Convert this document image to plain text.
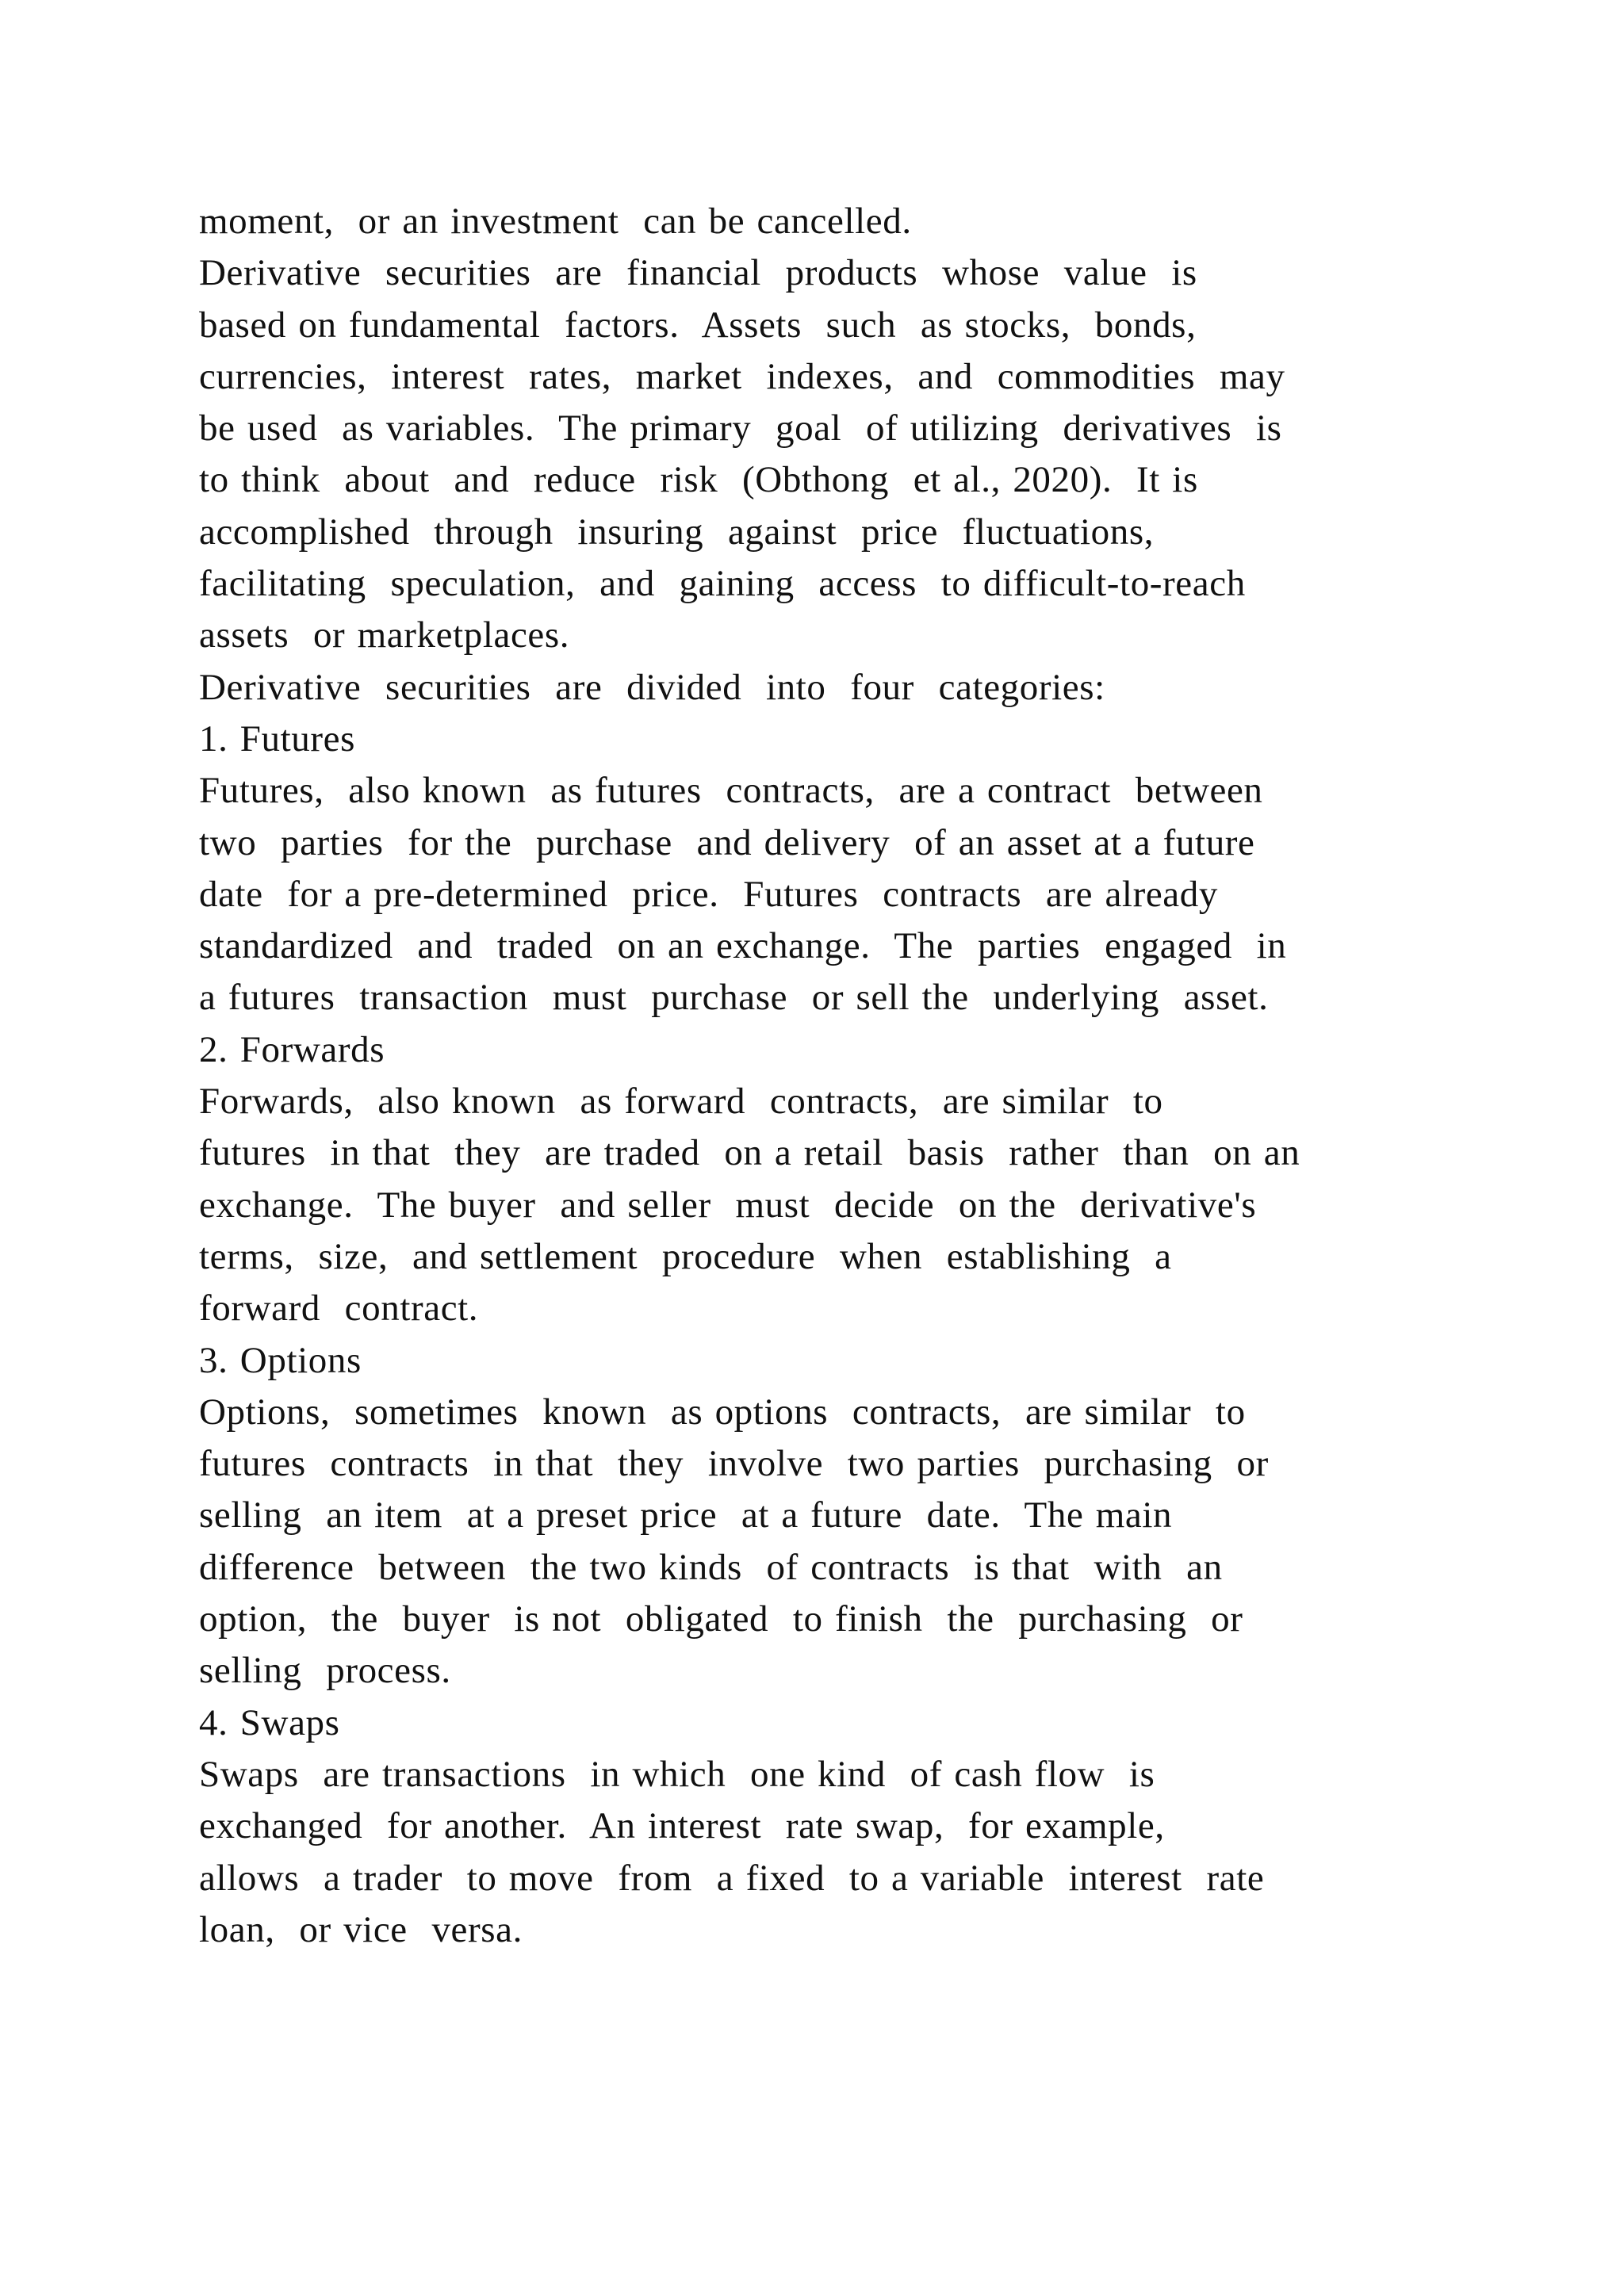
moment,  or an investment  can be cancelled.
Derivative  securities  are  financial  products  whose  value  is
based on fundamental  factors.  Assets  such  as stocks,  bonds,
currencies,  interest  rates,  market  indexes,  and  commodities  may
be used  as variables.  The primary  goal  of utilizing  derivatives  is
to think  about  and  reduce  risk  (Obthong  et al., 2020).  It is
accomplished  through  insuring  against  price  fluctuations,
facilitating  speculation,  and  gaining  access  to difficult-to-reach
assets  or marketplaces.
Derivative  securities  are  divided  into  four  categories:
1. Futures
Futures,  also known  as futures  contracts,  are a contract  between
two  parties  for the  purchase  and delivery  of an asset at a future
date  for a pre-determined  price.  Futures  contracts  are already
standardized  and  traded  on an exchange.  The  parties  engaged  in
a futures  transaction  must  purchase  or sell the  underlying  asset.
2. Forwards
Forwards,  also known  as forward  contracts,  are similar  to
futures  in that  they  are traded  on a retail  basis  rather  than  on an
exchange.  The buyer  and seller  must  decide  on the  derivative's
terms,  size,  and settlement  procedure  when  establishing  a
forward  contract.
3. Options
Options,  sometimes  known  as options  contracts,  are similar  to
futures  contracts  in that  they  involve  two parties  purchasing  or
selling  an item  at a preset price  at a future  date.  The main
difference  between  the two kinds  of contracts  is that  with  an
option,  the  buyer  is not  obligated  to finish  the  purchasing  or
selling  process.
4. Swaps
Swaps  are transactions  in which  one kind  of cash flow  is
exchanged  for another.  An interest  rate swap,  for example,
allows  a trader  to move  from  a fixed  to a variable  interest  rate
loan,  or vice  versa.
